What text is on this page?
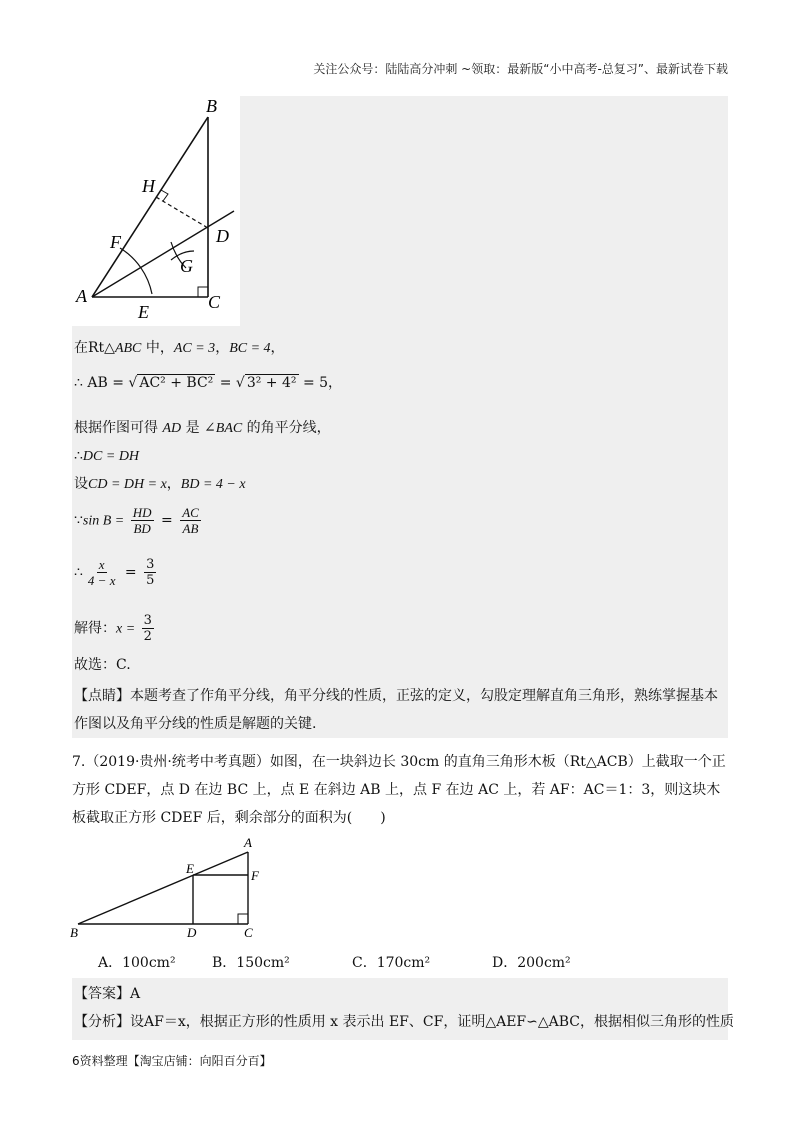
关注公众号：陆陆高分冲刺 ~领取：最新版“小中高考-总复习”、最新试卷下载
B
H
F	D
G
A
E	C
在Rt△ABC 中，AC = 3，BC = 4，
∴ AB = √ AC² + BC² = √ 3² + 4² = 5，
根据作图可得 AD 是 ∠BAC 的角平分线，
∴DC = DH
设CD = DH = x，BD = 4 − x
∵sin $B = \frac{HD}{BD} = \frac{AC}{AB}$
∴ $\frac{x}{4 - x} = \frac{3}{5}$
解得：$x = \frac{3}{2}$
故选：C.
【点睛】本题考查了作角平分线，角平分线的性质，正弦的定义，勾股定理解直角三角形，熟练掌握基本作图以及角平分线的性质是解题的关键.
7.（2019·贵州·统考中考真题）如图，在一块斜边长 30cm 的直角三角形木板（Rt△ACB）上截取一个正方形 CDEF，点 D 在边 BC 上，点 E 在斜边 AB 上，点 F 在边 AC 上，若 AF：AC＝1：3，则这块木板截取正方形 CDEF 后，剩余部分的面积为(　　)
A
E	F
B	D	C
A．100cm²	B．150cm²	C．170cm²	D．200cm²
【答案】A
【分析】设AF＝x，根据正方形的性质用 x 表示出 EF、CF，证明△AEF∽△ABC，根据相似三角形的性质
6资料整理【淘宝店铺：向阳百分百】
